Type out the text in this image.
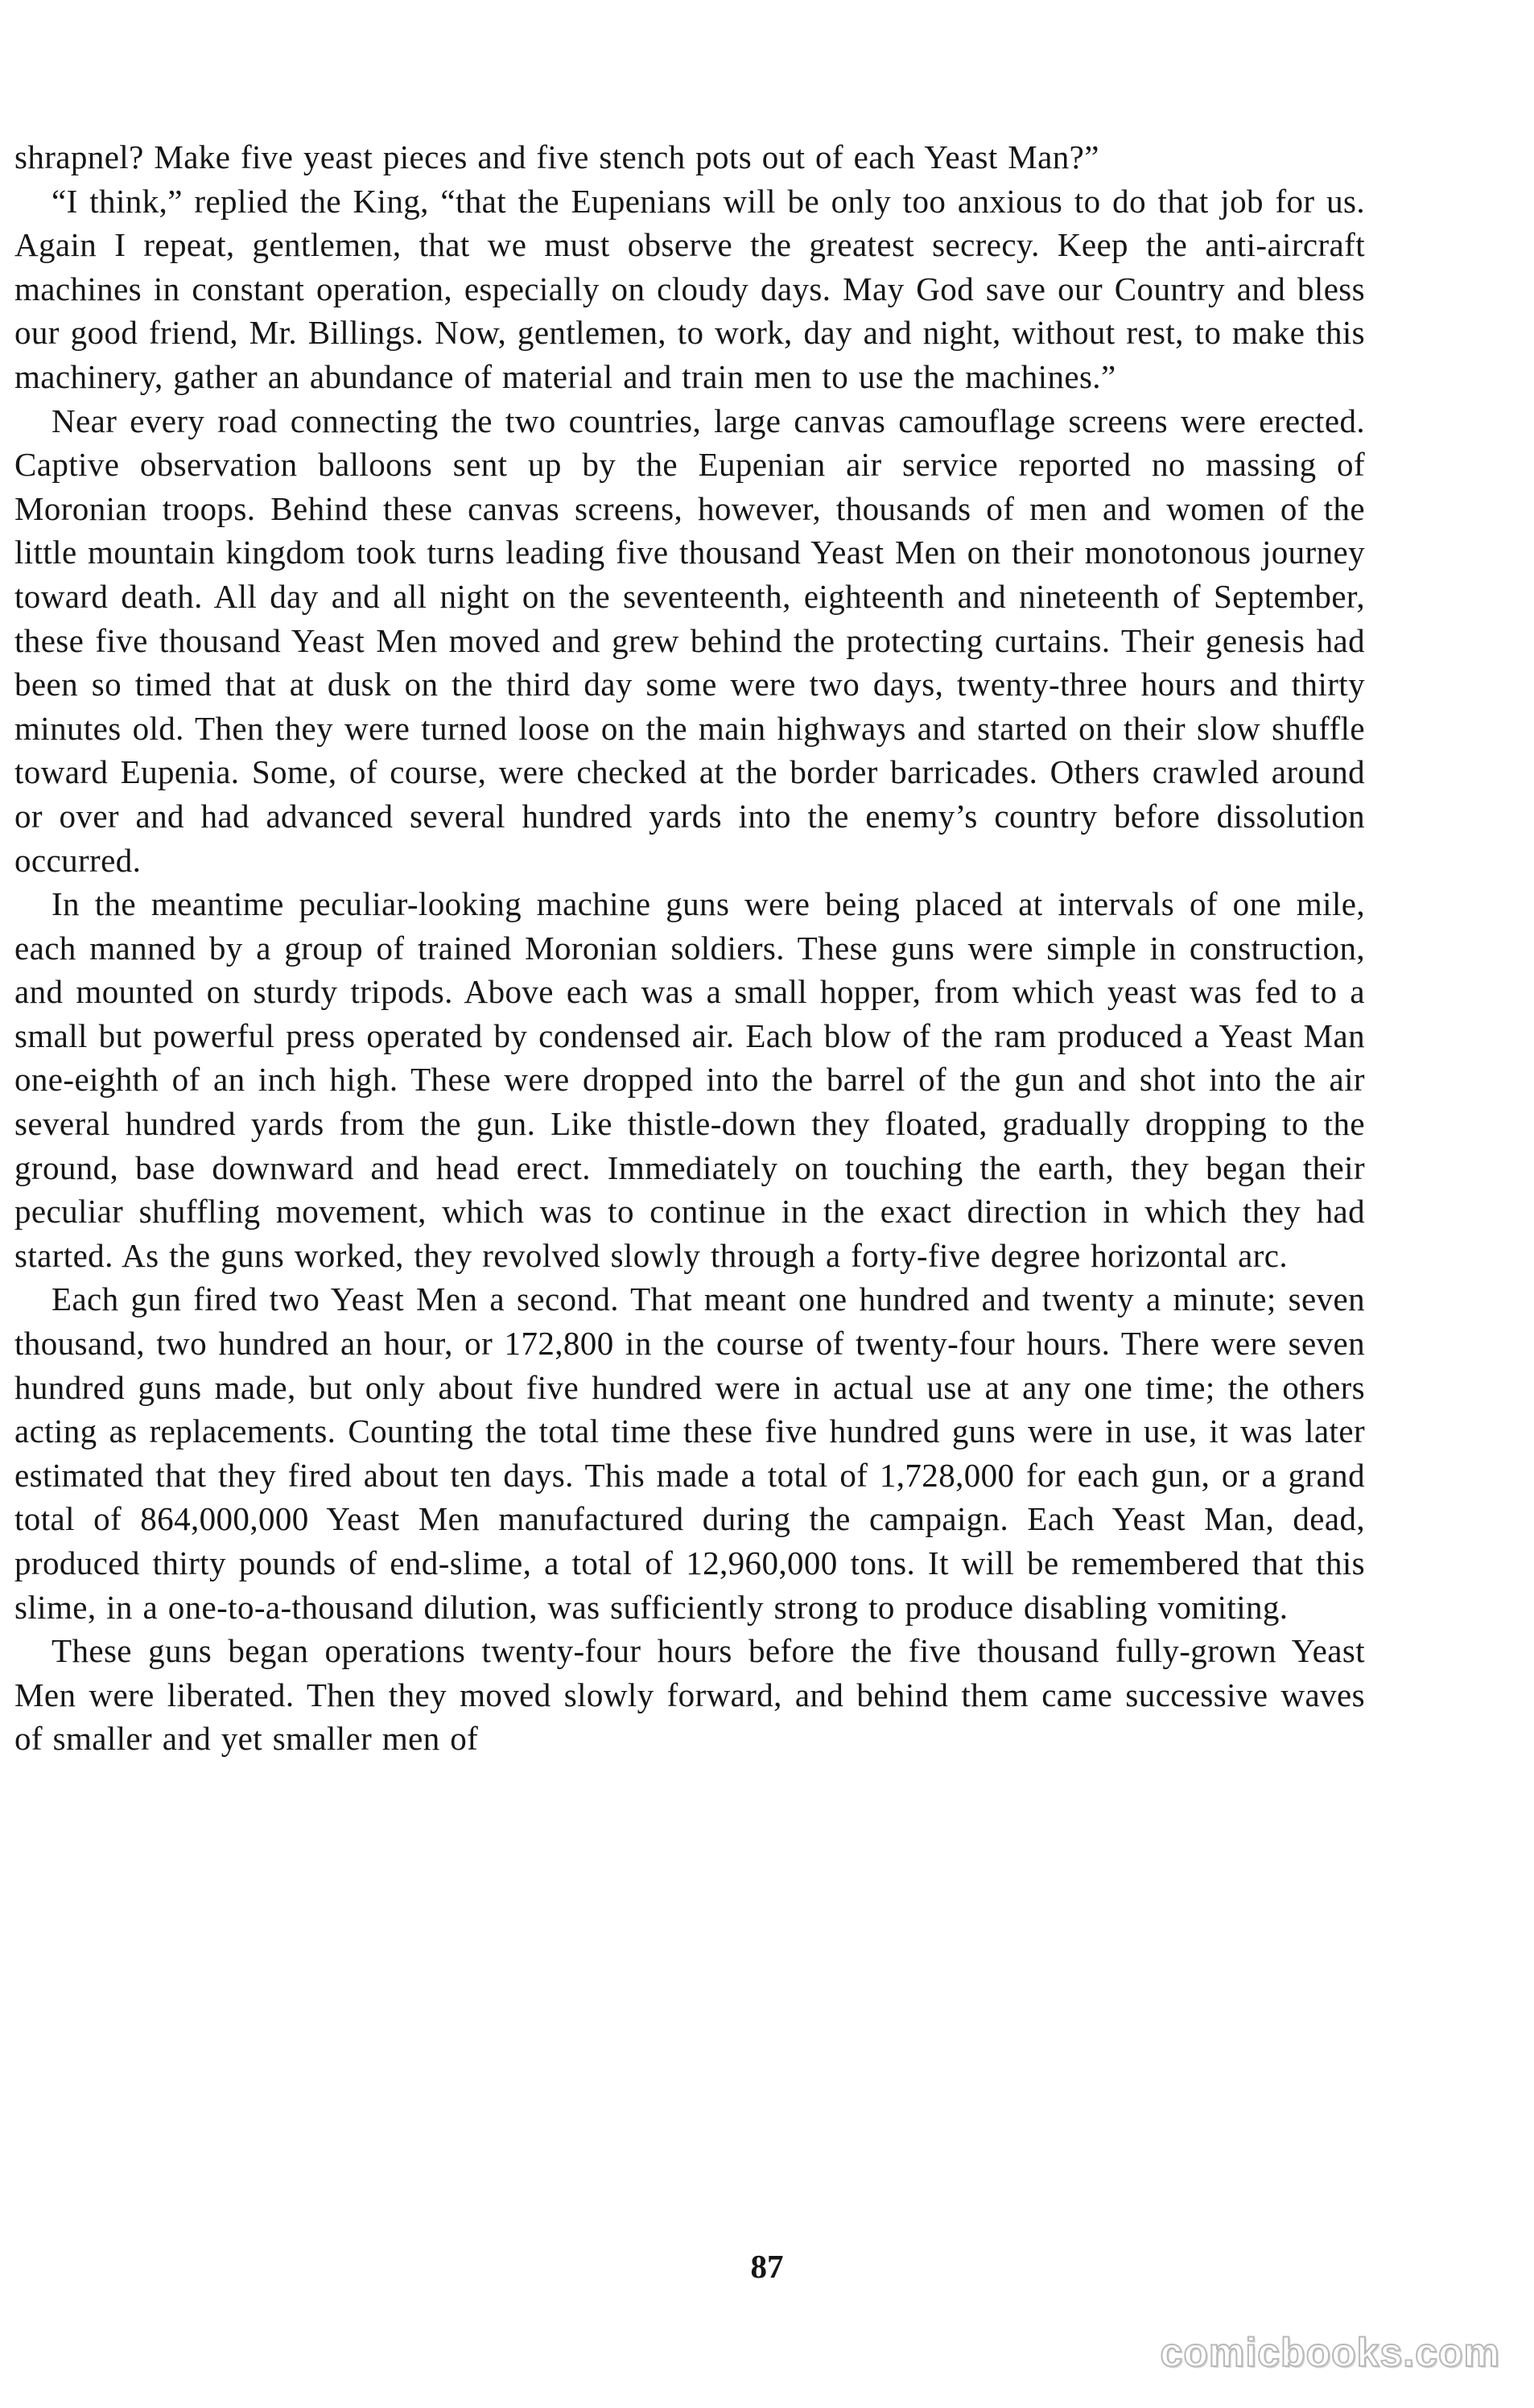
shrapnel? Make five yeast pieces and five stench pots out of each Yeast Man?”

“I think,” replied the King, “that the Eupenians will be only too anxious to do that job for us. Again I repeat, gentlemen, that we must observe the greatest secrecy. Keep the anti-aircraft machines in constant operation, especially on cloudy days. May God save our Country and bless our good friend, Mr. Billings. Now, gentlemen, to work, day and night, without rest, to make this machinery, gather an abundance of material and train men to use the machines.”

Near every road connecting the two countries, large canvas camouflage screens were erected. Captive observation balloons sent up by the Eupenian air service reported no massing of Moronian troops. Behind these canvas screens, however, thousands of men and women of the little mountain kingdom took turns leading five thousand Yeast Men on their monotonous journey toward death. All day and all night on the seventeenth, eighteenth and nineteenth of September, these five thousand Yeast Men moved and grew behind the protecting curtains. Their genesis had been so timed that at dusk on the third day some were two days, twenty-three hours and thirty minutes old. Then they were turned loose on the main highways and started on their slow shuffle toward Eupenia. Some, of course, were checked at the border barricades. Others crawled around or over and had advanced several hundred yards into the enemy’s country before dissolution occurred.

In the meantime peculiar-looking machine guns were being placed at intervals of one mile, each manned by a group of trained Moronian soldiers. These guns were simple in construction, and mounted on sturdy tripods. Above each was a small hopper, from which yeast was fed to a small but powerful press operated by condensed air. Each blow of the ram produced a Yeast Man one-eighth of an inch high. These were dropped into the barrel of the gun and shot into the air several hundred yards from the gun. Like thistle-down they floated, gradually dropping to the ground, base downward and head erect. Immediately on touching the earth, they began their peculiar shuffling movement, which was to continue in the exact direction in which they had started. As the guns worked, they revolved slowly through a forty-five degree horizontal arc.

Each gun fired two Yeast Men a second. That meant one hundred and twenty a minute; seven thousand, two hundred an hour, or 172,800 in the course of twenty-four hours. There were seven hundred guns made, but only about five hundred were in actual use at any one time; the others acting as replacements. Counting the total time these five hundred guns were in use, it was later estimated that they fired about ten days. This made a total of 1,728,000 for each gun, or a grand total of 864,000,000 Yeast Men manufactured during the campaign. Each Yeast Man, dead, produced thirty pounds of end-slime, a total of 12,960,000 tons. It will be remembered that this slime, in a one-to-a-thousand dilution, was sufficiently strong to produce disabling vomiting.

These guns began operations twenty-four hours before the five thousand fully-grown Yeast Men were liberated. Then they moved slowly forward, and behind them came successive waves of smaller and yet smaller men of

87
comicbooks.com
